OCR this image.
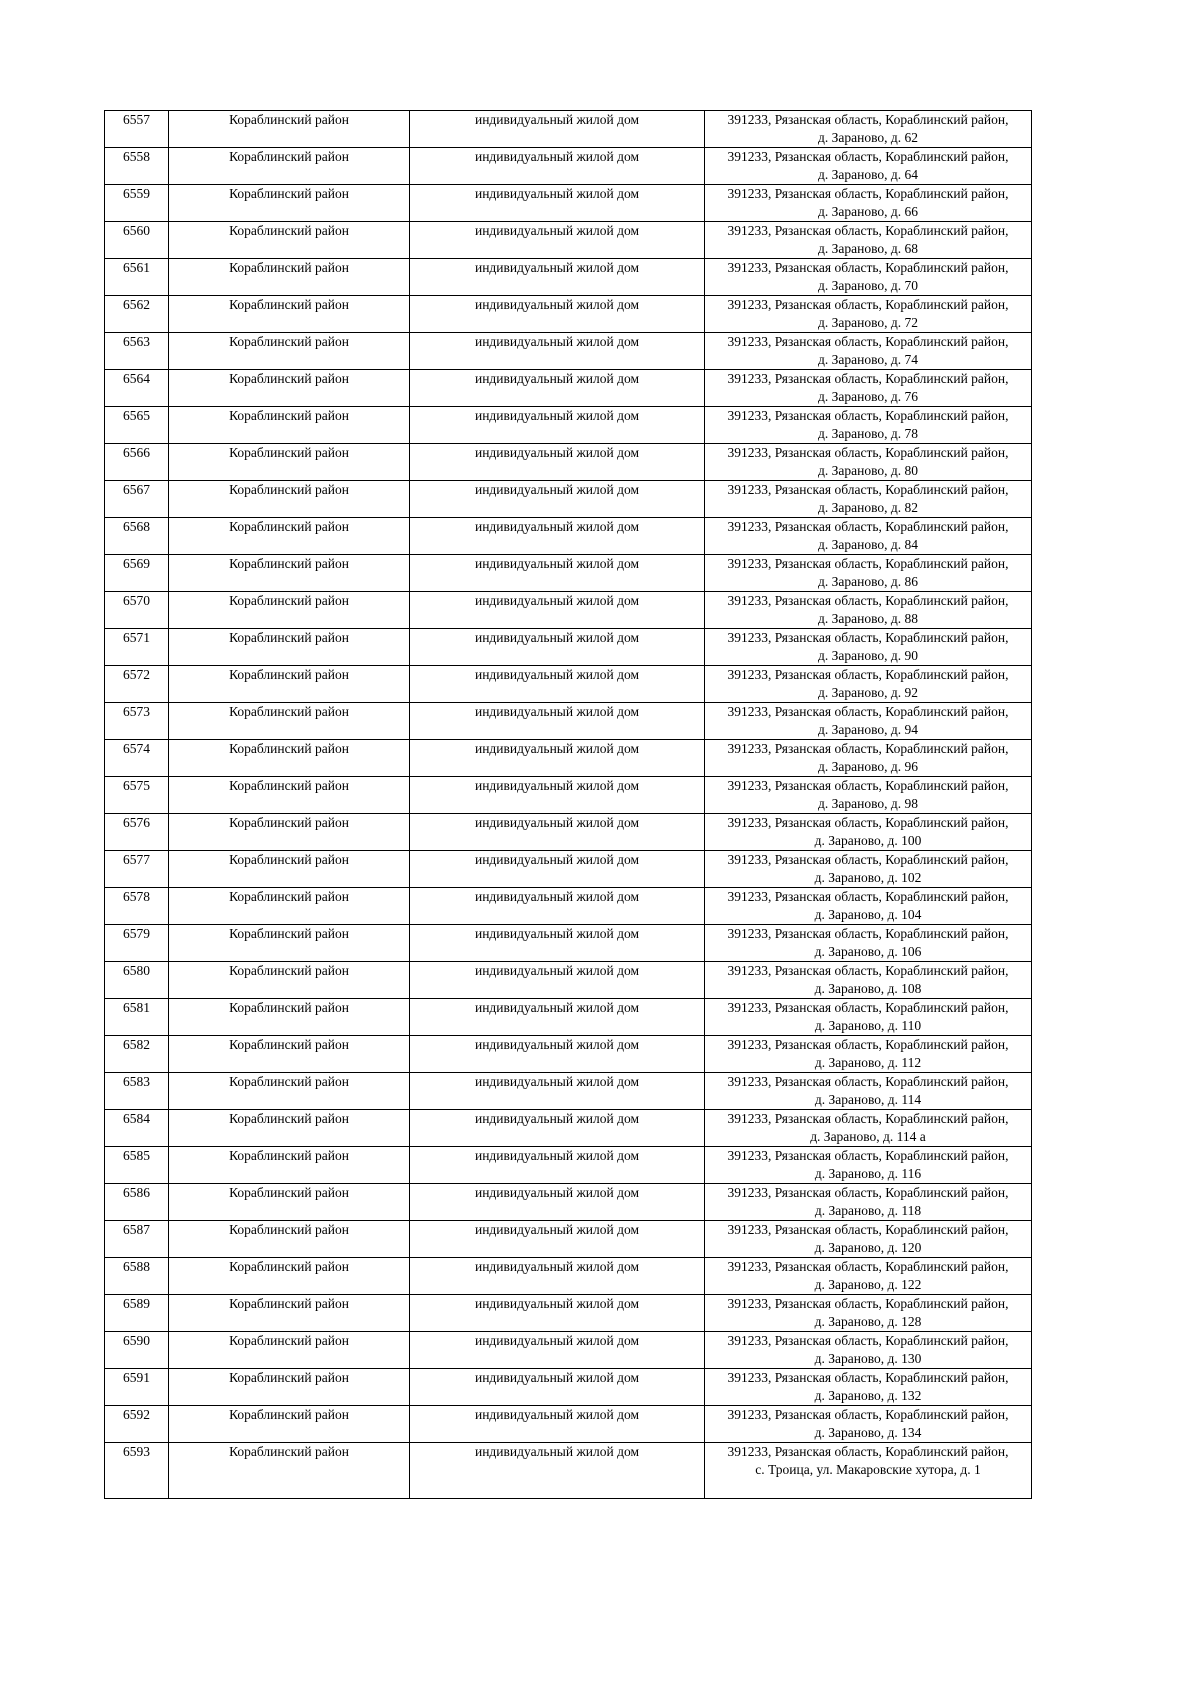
6557	Кораблинский район	индивидуальный жилой дом	391233, Рязанская область, Кораблинский район,
д. Зараново, д. 62
6558	Кораблинский район	индивидуальный жилой дом	391233, Рязанская область, Кораблинский район,
д. Зараново, д. 64
6559	Кораблинский район	индивидуальный жилой дом	391233, Рязанская область, Кораблинский район,
д. Зараново, д. 66
6560	Кораблинский район	индивидуальный жилой дом	391233, Рязанская область, Кораблинский район,
д. Зараново, д. 68
6561	Кораблинский район	индивидуальный жилой дом	391233, Рязанская область, Кораблинский район,
д. Зараново, д. 70
6562	Кораблинский район	индивидуальный жилой дом	391233, Рязанская область, Кораблинский район,
д. Зараново, д. 72
6563	Кораблинский район	индивидуальный жилой дом	391233, Рязанская область, Кораблинский район,
д. Зараново, д. 74
6564	Кораблинский район	индивидуальный жилой дом	391233, Рязанская область, Кораблинский район,
д. Зараново, д. 76
6565	Кораблинский район	индивидуальный жилой дом	391233, Рязанская область, Кораблинский район,
д. Зараново, д. 78
6566	Кораблинский район	индивидуальный жилой дом	391233, Рязанская область, Кораблинский район,
д. Зараново, д. 80
6567	Кораблинский район	индивидуальный жилой дом	391233, Рязанская область, Кораблинский район,
д. Зараново, д. 82
6568	Кораблинский район	индивидуальный жилой дом	391233, Рязанская область, Кораблинский район,
д. Зараново, д. 84
6569	Кораблинский район	индивидуальный жилой дом	391233, Рязанская область, Кораблинский район,
д. Зараново, д. 86
6570	Кораблинский район	индивидуальный жилой дом	391233, Рязанская область, Кораблинский район,
д. Зараново, д. 88
6571	Кораблинский район	индивидуальный жилой дом	391233, Рязанская область, Кораблинский район,
д. Зараново, д. 90
6572	Кораблинский район	индивидуальный жилой дом	391233, Рязанская область, Кораблинский район,
д. Зараново, д. 92
6573	Кораблинский район	индивидуальный жилой дом	391233, Рязанская область, Кораблинский район,
д. Зараново, д. 94
6574	Кораблинский район	индивидуальный жилой дом	391233, Рязанская область, Кораблинский район,
д. Зараново, д. 96
6575	Кораблинский район	индивидуальный жилой дом	391233, Рязанская область, Кораблинский район,
д. Зараново, д. 98
6576	Кораблинский район	индивидуальный жилой дом	391233, Рязанская область, Кораблинский район,
д. Зараново, д. 100
6577	Кораблинский район	индивидуальный жилой дом	391233, Рязанская область, Кораблинский район,
д. Зараново, д. 102
6578	Кораблинский район	индивидуальный жилой дом	391233, Рязанская область, Кораблинский район,
д. Зараново, д. 104
6579	Кораблинский район	индивидуальный жилой дом	391233, Рязанская область, Кораблинский район,
д. Зараново, д. 106
6580	Кораблинский район	индивидуальный жилой дом	391233, Рязанская область, Кораблинский район,
д. Зараново, д. 108
6581	Кораблинский район	индивидуальный жилой дом	391233, Рязанская область, Кораблинский район,
д. Зараново, д. 110
6582	Кораблинский район	индивидуальный жилой дом	391233, Рязанская область, Кораблинский район,
д. Зараново, д. 112
6583	Кораблинский район	индивидуальный жилой дом	391233, Рязанская область, Кораблинский район,
д. Зараново, д. 114
6584	Кораблинский район	индивидуальный жилой дом	391233, Рязанская область, Кораблинский район,
д. Зараново, д. 114 а
6585	Кораблинский район	индивидуальный жилой дом	391233, Рязанская область, Кораблинский район,
д. Зараново, д. 116
6586	Кораблинский район	индивидуальный жилой дом	391233, Рязанская область, Кораблинский район,
д. Зараново, д. 118
6587	Кораблинский район	индивидуальный жилой дом	391233, Рязанская область, Кораблинский район,
д. Зараново, д. 120
6588	Кораблинский район	индивидуальный жилой дом	391233, Рязанская область, Кораблинский район,
д. Зараново, д. 122
6589	Кораблинский район	индивидуальный жилой дом	391233, Рязанская область, Кораблинский район,
д. Зараново, д. 128
6590	Кораблинский район	индивидуальный жилой дом	391233, Рязанская область, Кораблинский район,
д. Зараново, д. 130
6591	Кораблинский район	индивидуальный жилой дом	391233, Рязанская область, Кораблинский район,
д. Зараново, д. 132
6592	Кораблинский район	индивидуальный жилой дом	391233, Рязанская область, Кораблинский район,
д. Зараново, д. 134
6593	Кораблинский район	индивидуальный жилой дом	391233, Рязанская область, Кораблинский район,
с. Троица, ул. Макаровские хутора, д. 1
